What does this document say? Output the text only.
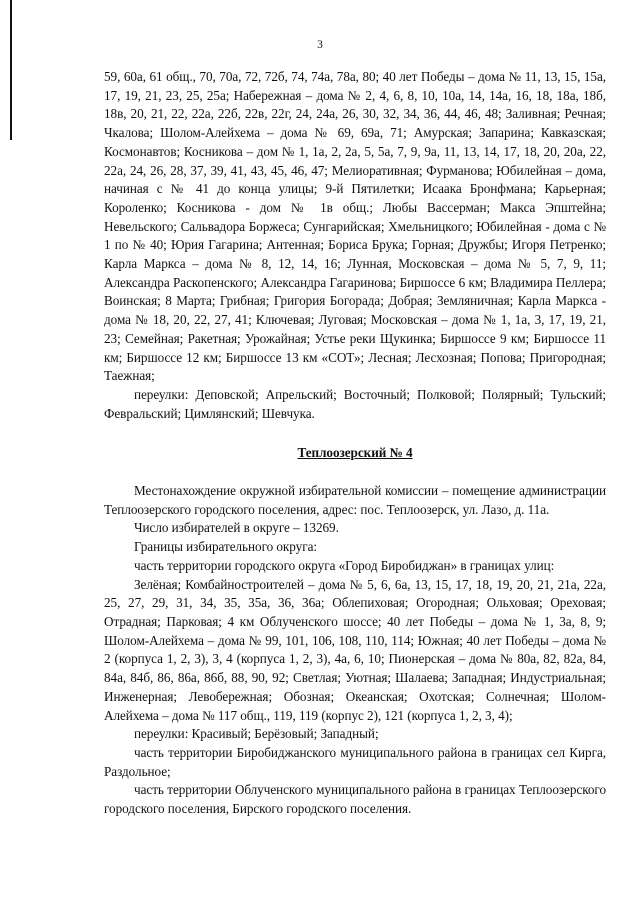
3

59, 60а, 61 общ., 70, 70а, 72, 72б, 74, 74а, 78а, 80; 40 лет Победы – дома № 11, 13, 15, 15а, 17, 19, 21, 23, 25, 25а; Набережная – дома № 2, 4, 6, 8, 10, 10а, 14, 14а, 16, 18, 18а, 18б, 18в, 20, 21, 22, 22а, 22б, 22в, 22г, 24, 24а, 26, 30, 32, 34, 36, 44, 46, 48; Заливная; Речная; Чкалова; Шолом-Алейхема – дома № 69, 69а, 71; Амурская; Запарина; Кавказская; Космонавтов; Косникова – дом № 1, 1а, 2, 2а, 5, 5а, 7, 9, 9а, 11, 13, 14, 17, 18, 20, 20а, 22, 22а, 24, 26, 28, 37, 39, 41, 43, 45, 46, 47; Мелиоративная; Фурманова; Юбилейная – дома, начиная с № 41 до конца улицы; 9-й Пятилетки; Исаака Бронфмана; Карьерная; Короленко; Косникова - дом № 1в общ.; Любы Вассерман; Макса Эпштейна; Невельского; Сальвадора Боржеса; Сунгарийская; Хмельницкого; Юбилейная - дома с № 1 по № 40; Юрия Гагарина; Антенная; Бориса Брука; Горная; Дружбы; Игоря Петренко; Карла Маркса – дома № 8, 12, 14, 16; Лунная, Московская – дома № 5, 7, 9, 11; Александра Раскопенского; Александра Гагаринова; Биршоссе 6 км; Владимира Пеллера; Воинская; 8 Марта; Грибная; Григория Богорада; Добрая; Земляничная; Карла Маркса - дома № 18, 20, 22, 27, 41; Ключевая; Луговая; Московская – дома № 1, 1а, 3, 17, 19, 21, 23; Семейная; Ракетная; Урожайная; Устье реки Щукинка; Биршоссе 9 км; Биршоссе 11 км; Биршоссе 12 км; Биршоссе 13 км «СОТ»; Лесная; Лесхозная; Попова; Пригородная; Таежная;

переулки: Деповской; Апрельский; Восточный; Полковой; Полярный; Тульский; Февральский; Цимлянский; Шевчука.

Теплоозерский № 4

Местонахождение окружной избирательной комиссии – помещение администрации Теплоозерского городского поселения, адрес: пос. Теплоозерск, ул. Лазо, д. 11а.

Число избирателей в округе – 13269.

Границы избирательного округа:

часть территории городского округа «Город Биробиджан» в границах улиц:

Зелёная; Комбайностроителей – дома № 5, 6, 6а, 13, 15, 17, 18, 19, 20, 21, 21а, 22а, 25, 27, 29, 31, 34, 35, 35а, 36, 36а; Облепиховая; Огородная; Ольховая; Ореховая; Отрадная; Парковая; 4 км Облученского шоссе; 40 лет Победы – дома № 1, 3а, 8, 9; Шолом-Алейхема – дома № 99, 101, 106, 108, 110, 114; Южная; 40 лет Победы – дома № 2 (корпуса 1, 2, 3), 3, 4 (корпуса 1, 2, 3), 4а, 6, 10; Пионерская – дома № 80а, 82, 82а, 84, 84а, 84б, 86, 86а, 86б, 88, 90, 92; Светлая; Уютная; Шалаева; Западная; Индустриальная; Инженерная; Левобережная; Обозная; Океанская; Охотская; Солнечная; Шолом-Алейхема – дома № 117 общ., 119, 119 (корпус 2), 121 (корпуса 1, 2, 3, 4);

переулки: Красивый; Берёзовый; Западный;

часть территории Биробиджанского муниципального района в границах сел Кирга, Раздольное;

часть территории Облученского муниципального района в границах Теплоозерского городского поселения, Бирского городского поселения.
